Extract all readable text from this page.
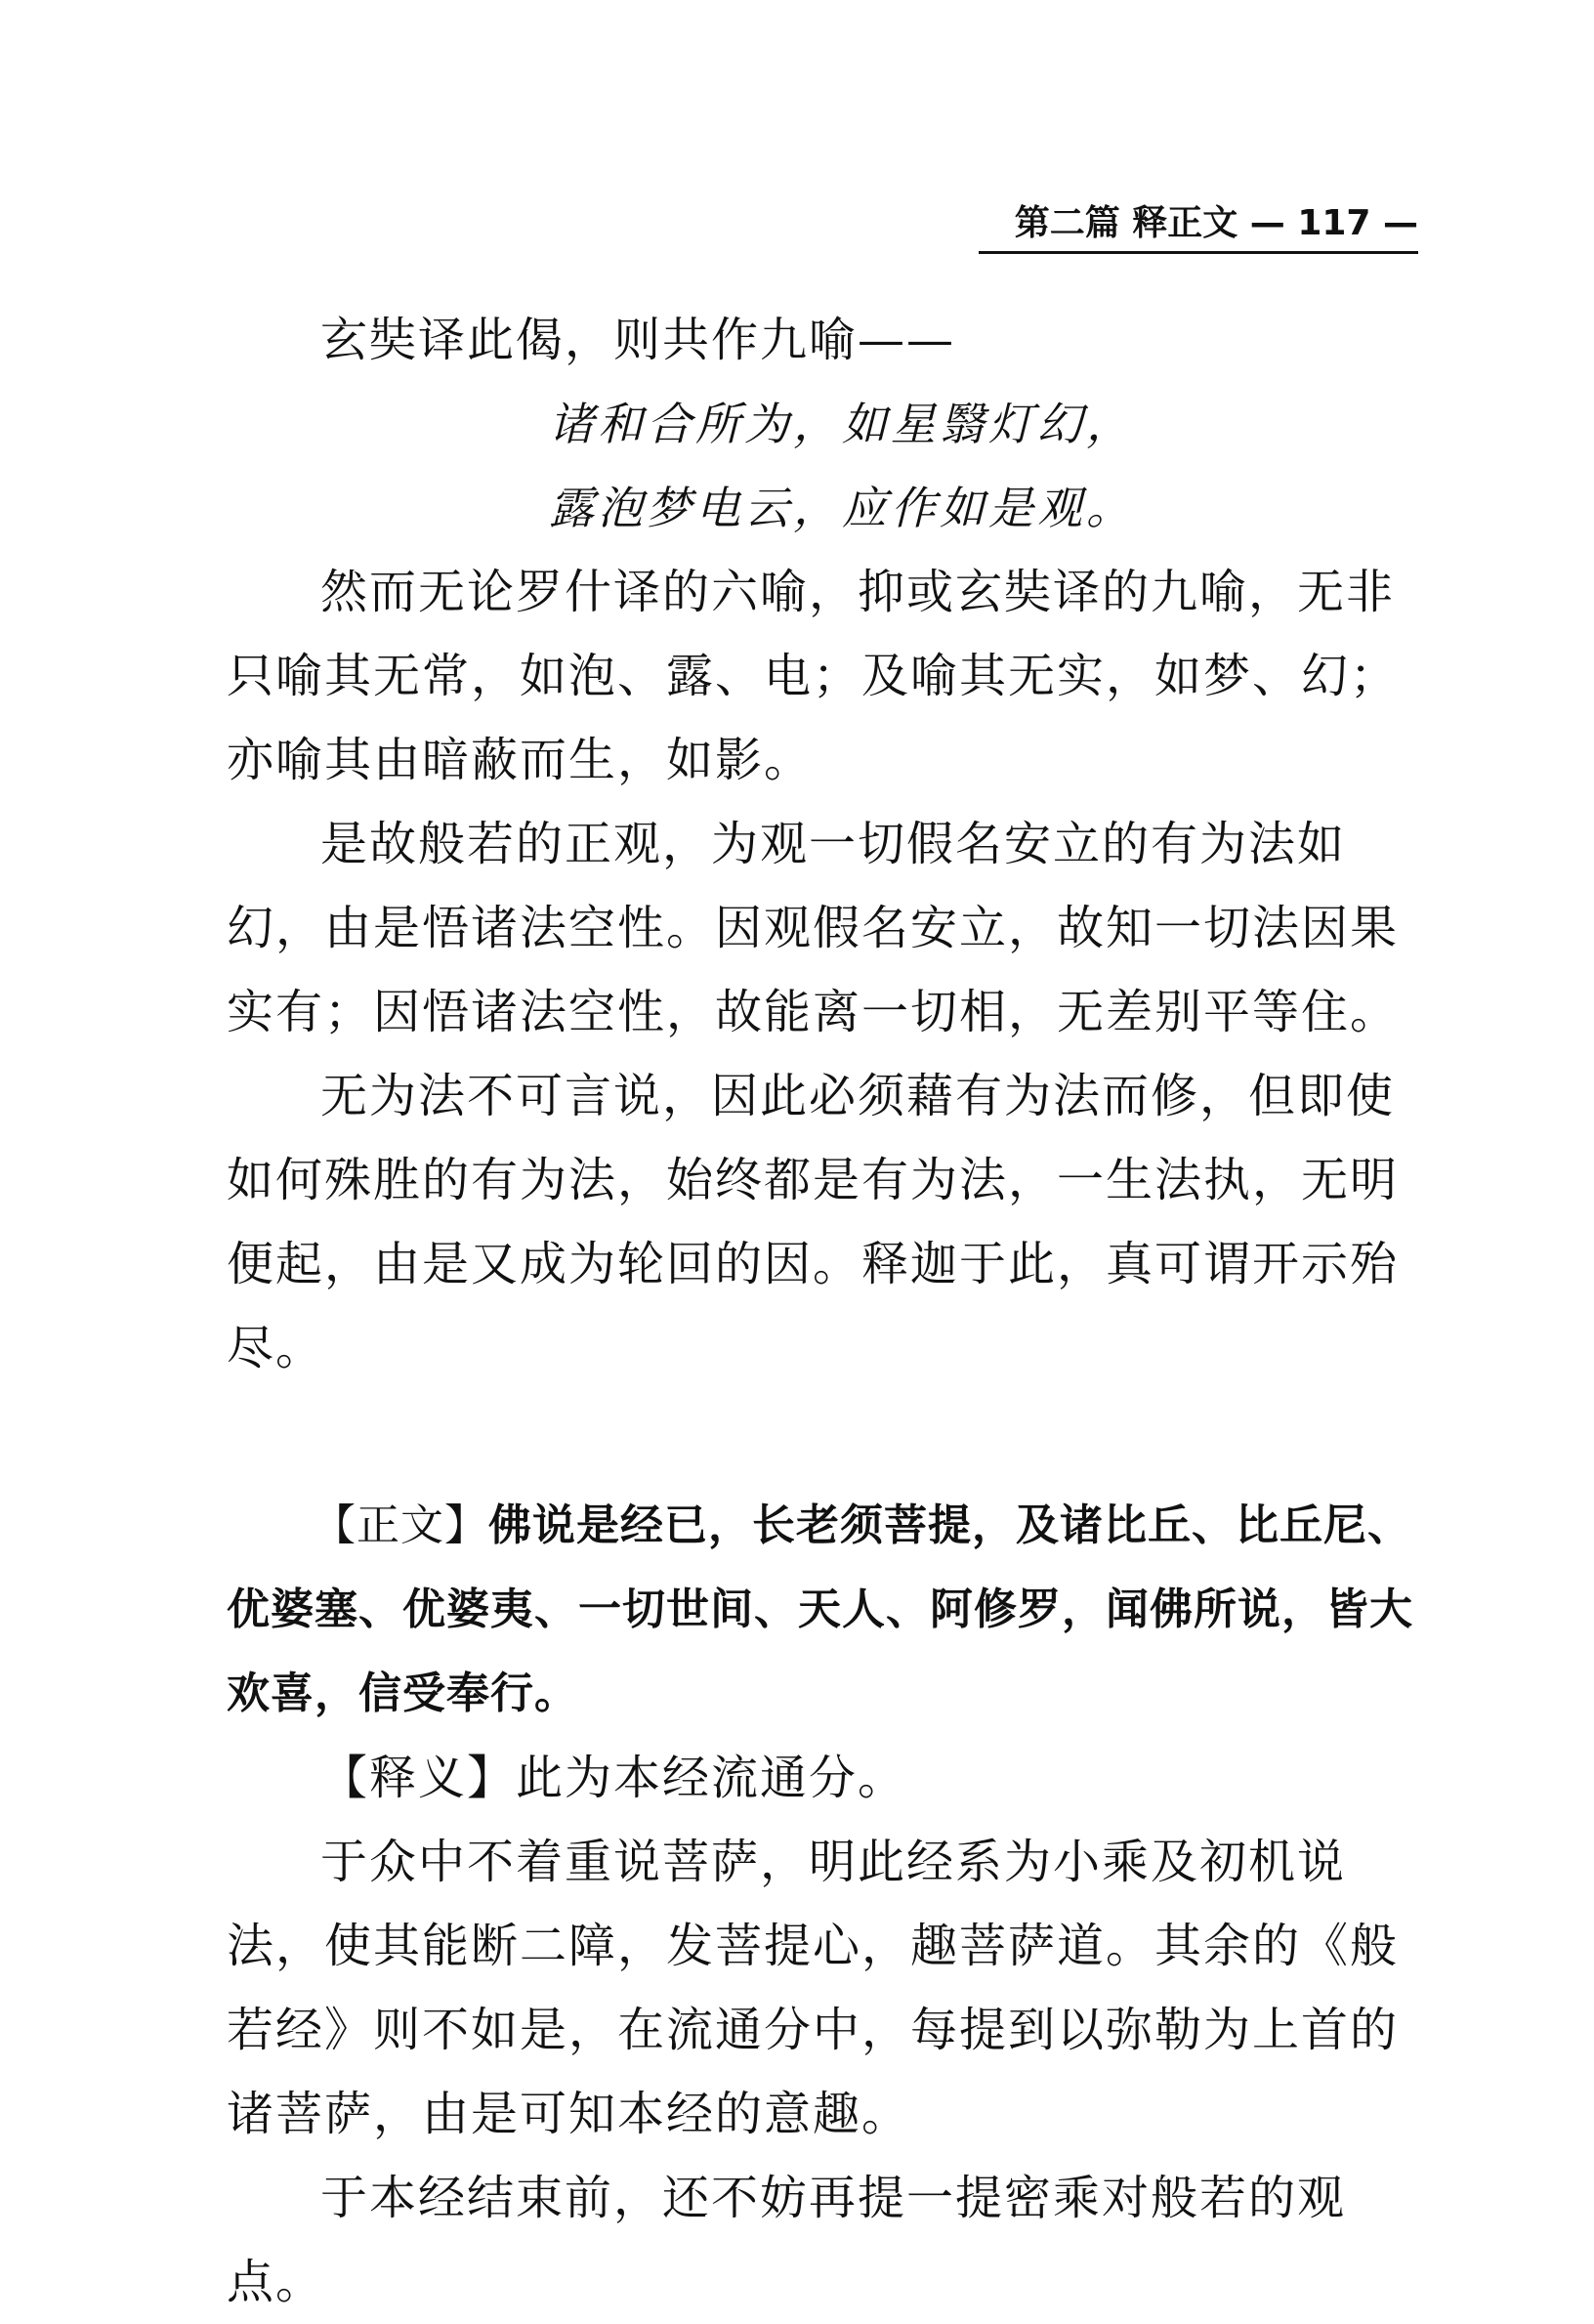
第二篇 释正文 — 117 —

玄奘译此偈，则共作九喻——

诸和合所为，如星翳灯幻，

露泡梦电云，应作如是观。

然而无论罗什译的六喻，抑或玄奘译的九喻，无非只喻其无常，如泡、露、电；及喻其无实，如梦、幻；亦喻其由暗蔽而生，如影。

是故般若的正观，为观一切假名安立的有为法如幻，由是悟诸法空性。因观假名安立，故知一切法因果实有；因悟诸法空性，故能离一切相，无差别平等住。

无为法不可言说，因此必须藉有为法而修，但即使如何殊胜的有为法，始终都是有为法，一生法执，无明便起，由是又成为轮回的因。释迦于此，真可谓开示殆尽。

【正文】佛说是经已，长老须菩提，及诸比丘、比丘尼、优婆塞、优婆夷、一切世间、天人、阿修罗，闻佛所说，皆大欢喜，信受奉行。

【释义】此为本经流通分。

于众中不着重说菩萨，明此经系为小乘及初机说法，使其能断二障，发菩提心，趣菩萨道。其余的《般若经》则不如是，在流通分中，每提到以弥勒为上首的诸菩萨，由是可知本经的意趣。

于本经结束前，还不妨再提一提密乘对般若的观点。
